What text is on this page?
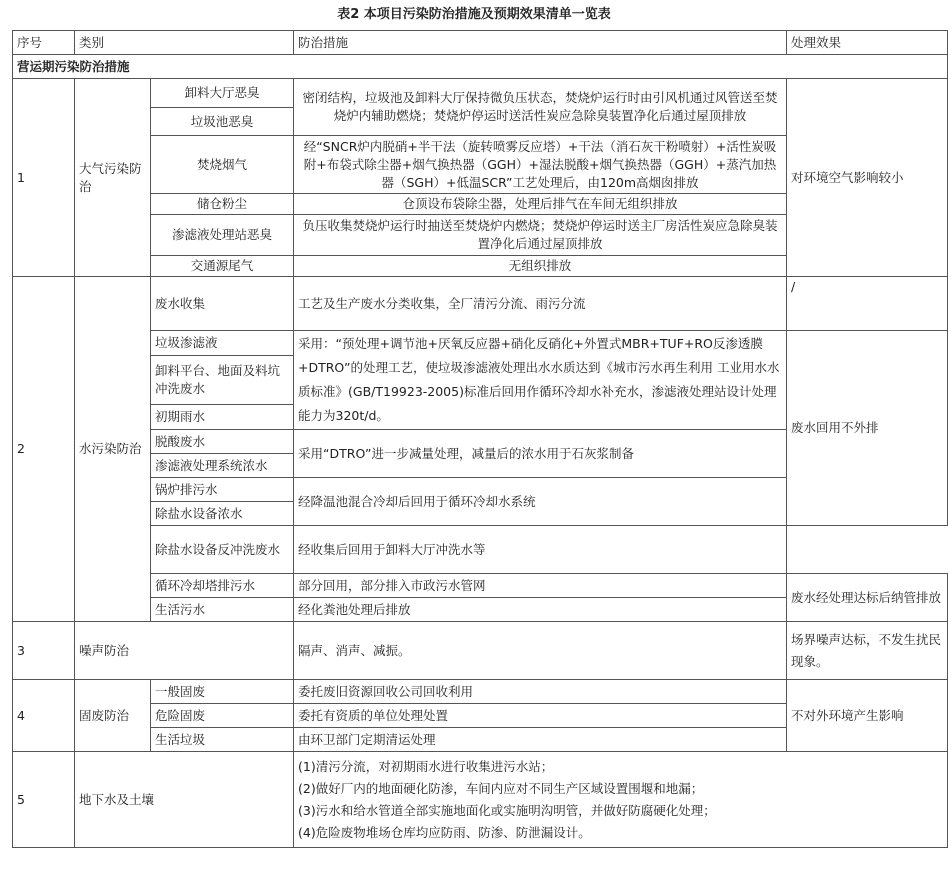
表2 本项目污染防治措施及预期效果清单一览表
序号	类别		防治措施	处理效果
营运期污染防治措施				
1	大气污染防治	卸料大厅恶臭	密闭结构，垃圾池及卸料大厅保持微负压状态，焚烧炉运行时由引风机通过风管送至焚烧炉内辅助燃烧；焚烧炉停运时送活性炭应急除臭装置净化后通过屋顶排放	对环境空气影响较小
		垃圾池恶臭		
		焚烧烟气	经“SNCR炉内脱硝+半干法（旋转喷雾反应塔）+干法（消石灰干粉喷射）+活性炭吸附+布袋式除尘器+烟气换热器（GGH）+湿法脱酸+烟气换热器（GGH）+蒸汽加热器（SGH）+低温SCR”工艺处理后，由120m高烟囱排放	
		储仓粉尘	仓顶设布袋除尘器，处理后排气在车间无组织排放	
		渗滤液处理站恶臭	负压收集焚烧炉运行时抽送至焚烧炉内燃烧；焚烧炉停运时送主厂房活性炭应急除臭装置净化后通过屋顶排放	
		交通源尾气	无组织排放	

2	水污染防治	废水收集	工艺及生产废水分类收集，全厂清污分流、雨污分流	/
		垃圾渗滤液	采用：“预处理+调节池+厌氧反应器+硝化反硝化+外置式MBR+TUF+RO反渗透膜+DTRO”的处理工艺，使垃圾渗滤液处理出水水质达到《城市污水再生利用 工业用水水质标准》(GB/T19923-2005)标准后回用作循环冷却水补充水，渗滤液处理站设计处理能力为320t/d。	废水回用不外排
		卸料平台、地面及料坑冲洗废水		
		初期雨水		
		脱酸废水	采用“DTRO”进一步减量处理，减量后的浓水用于石灰浆制备	
		渗滤液处理系统浓水		
		锅炉排污水	经降温池混合冷却后回用于循环冷却水系统	
		除盐水设备浓水		
		除盐水设备反冲洗废水	经收集后回用于卸料大厅冲洗水等	
		循环冷却塔排污水	部分回用，部分排入市政污水管网	废水经处理达标后纳管排放
		生活污水	经化粪池处理后排放	
3	噪声防治		隔声、消声、减振。	场界噪声达标，不发生扰民现象。
4	固废防治	一般固废	委托废旧资源回收公司回收利用	不对外环境产生影响
		危险固废	委托有资质的单位处理处置	
		生活垃圾	由环卫部门定期清运处理	
5	地下水及土壤		(1)清污分流，对初期雨水进行收集进污水站；
(2)做好厂内的地面硬化防渗，车间内应对不同生产区域设置围堰和地漏；
(3)污水和给水管道全部实施地面化或实施明沟明管，并做好防腐硬化处理；
(4)危险废物堆场仓库均应防雨、防渗、防泄漏设计。	
